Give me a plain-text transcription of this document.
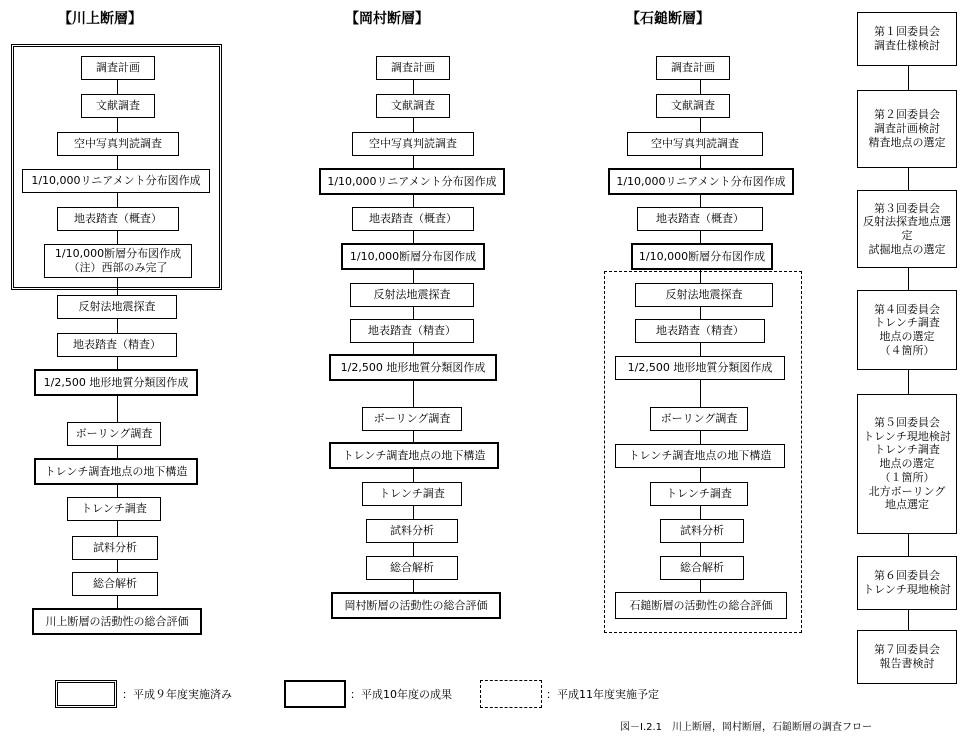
【川上断層】	【岡村断層】	【石鎚断層】
調査計画
文献調査
空中写真判読調査
1/10,000リニアメント分布図作成
地表踏査（概査）
1/10,000断層分布図作成
（注）西部のみ完了
反射法地震探査
地表踏査（精査）
1/2,500 地形地質分類図作成
ボーリング調査
トレンチ調査地点の地下構造
トレンチ調査
試料分析
総合解析
川上断層の活動性の総合評価
調査計画
文献調査
空中写真判読調査
1/10,000リニアメント分布図作成
地表踏査（概査）
1/10,000断層分布図作成
反射法地震探査
地表踏査（精査）
1/2,500 地形地質分類図作成
ボーリング調査
トレンチ調査地点の地下構造
トレンチ調査
試料分析
総合解析
岡村断層の活動性の総合評価
調査計画
文献調査
空中写真判読調査
1/10,000リニアメント分布図作成
地表踏査（概査）
1/10,000断層分布図作成
反射法地震探査
地表踏査（精査）
1/2,500 地形地質分類図作成
ボーリング調査
トレンチ調査地点の地下構造
トレンチ調査
試料分析
総合解析
石鎚断層の活動性の総合評価
第１回委員会
調査仕様検討
第２回委員会
調査計画検討
精査地点の選定
第３回委員会
反射法探査地点選定
試掘地点の選定
第４回委員会
トレンチ調査
地点の選定
（４箇所）
第５回委員会
トレンチ現地検討
トレンチ調査
地点の選定
（１箇所）
北方ボーリング
地点選定
第６回委員会
トレンチ現地検討
第７回委員会
報告書検討
：平成９年度実施済み	：平成10年度の成果	：平成11年度実施予定
図－Ⅰ.2.1　川上断層，岡村断層，石鎚断層の調査フロー
